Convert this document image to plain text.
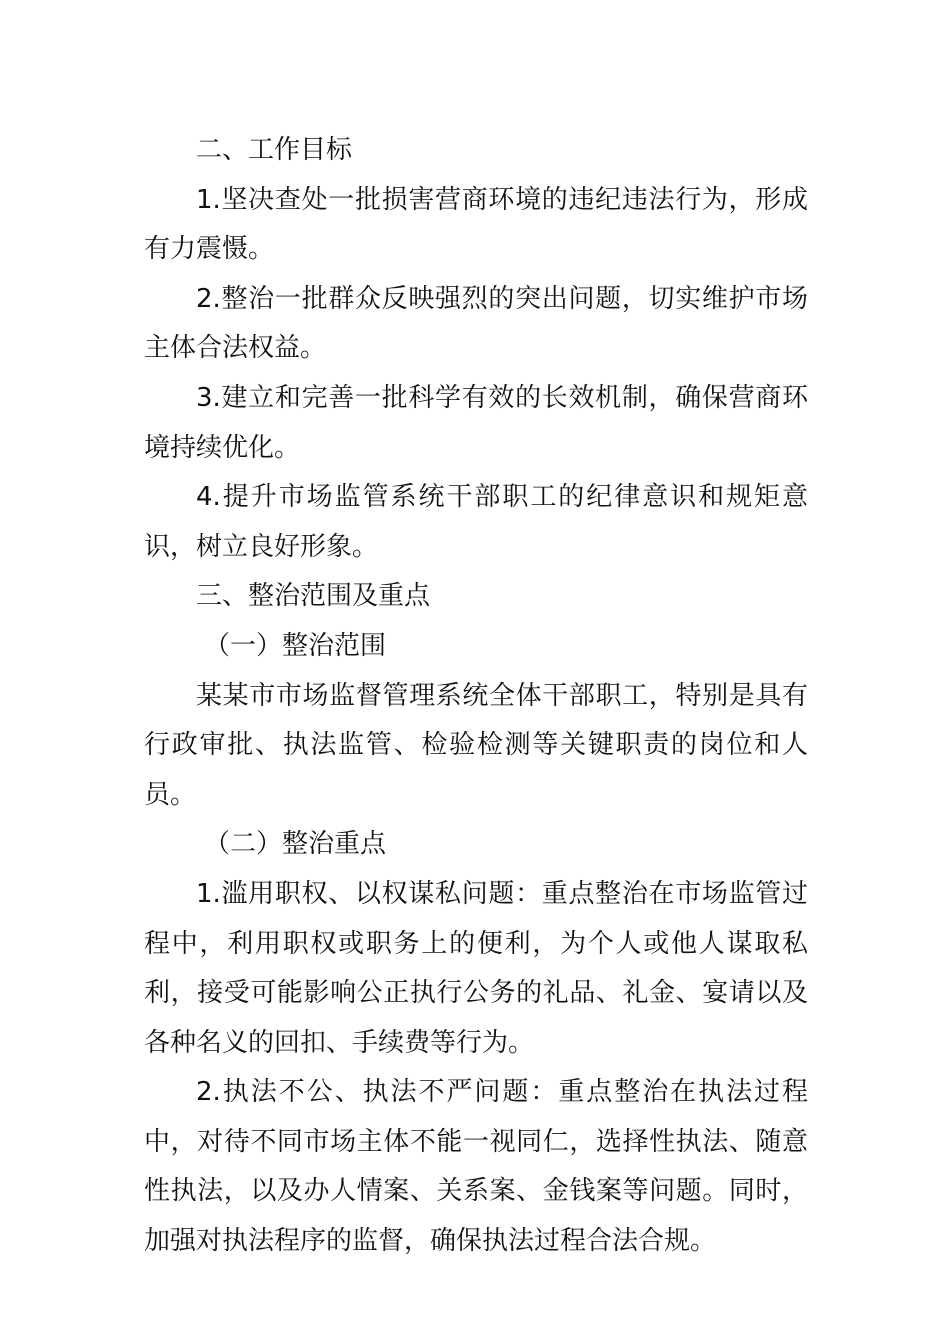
二、工作目标

1.坚决查处一批损害营商环境的违纪违法行为，形成有力震慑。

2.整治一批群众反映强烈的突出问题，切实维护市场主体合法权益。

3.建立和完善一批科学有效的长效机制，确保营商环境持续优化。

4.提升市场监管系统干部职工的纪律意识和规矩意识，树立良好形象。

三、整治范围及重点

（一）整治范围

某某市市场监督管理系统全体干部职工，特别是具有行政审批、执法监管、检验检测等关键职责的岗位和人员。

（二）整治重点

1.滥用职权、以权谋私问题：重点整治在市场监管过程中，利用职权或职务上的便利，为个人或他人谋取私利，接受可能影响公正执行公务的礼品、礼金、宴请以及各种名义的回扣、手续费等行为。

2.执法不公、执法不严问题：重点整治在执法过程中，对待不同市场主体不能一视同仁，选择性执法、随意性执法，以及办人情案、关系案、金钱案等问题。同时，加强对执法程序的监督，确保执法过程合法合规。
